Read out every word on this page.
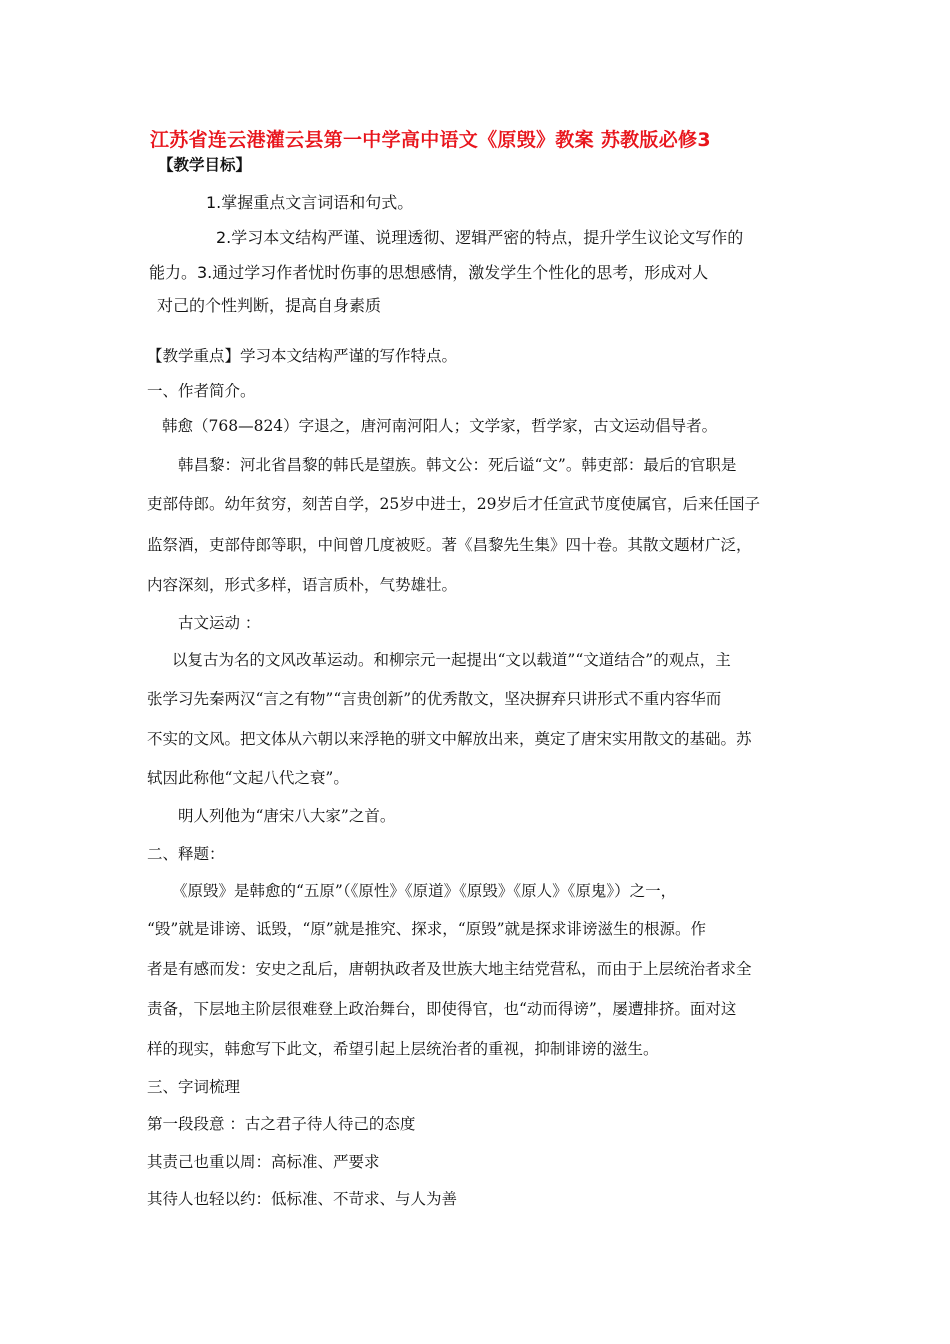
江苏省连云港灌云县第一中学高中语文《原毁》教案 苏教版必修3
【教学目标】
1.掌握重点文言词语和句式。
2.学习本文结构严谨、说理透彻、逻辑严密的特点，提升学生议论文写作的
能力。3.通过学习作者忧时伤事的思想感情，激发学生个性化的思考，形成对人
对己的个性判断，提高自身素质
【教学重点】学习本文结构严谨的写作特点。
一、作者简介。
韩愈（768—824）字退之，唐河南河阳人；文学家，哲学家，古文运动倡导者。
韩昌黎：河北省昌黎的韩氏是望族。韩文公：死后谥“文”。韩吏部：最后的官职是
吏部侍郎。幼年贫穷，刻苦自学，25岁中进士，29岁后才任宣武节度使属官，后来任国子
监祭酒，吏部侍郎等职，中间曾几度被贬。著《昌黎先生集》四十卷。其散文题材广泛，
内容深刻，形式多样，语言质朴，气势雄壮。
古文运动 ：
以复古为名的文风改革运动。和柳宗元一起提出“文以载道”“文道结合”的观点，主
张学习先秦两汉“言之有物”“言贵创新”的优秀散文，坚决摒弃只讲形式不重内容华而
不实的文风。把文体从六朝以来浮艳的骈文中解放出来，奠定了唐宋实用散文的基础。苏
轼因此称他“文起八代之衰”。
明人列他为“唐宋八大家”之首。
二、释题：
《原毁》是韩愈的“五原”（《原性》《原道》《原毁》《原人》《原鬼》）之一，
“毁”就是诽谤、诋毁，“原”就是推究、探求，“原毁”就是探求诽谤滋生的根源。作
者是有感而发：安史之乱后，唐朝执政者及世族大地主结党营私，而由于上层统治者求全
责备，下层地主阶层很难登上政治舞台，即使得官，也“动而得谤”，屡遭排挤。面对这
样的现实，韩愈写下此文，希望引起上层统治者的重视，抑制诽谤的滋生。
三、字词梳理
第一段段意 ：古之君子待人待己的态度
其责己也重以周：高标准、严要求
其待人也轻以约：低标准、不苛求、与人为善
